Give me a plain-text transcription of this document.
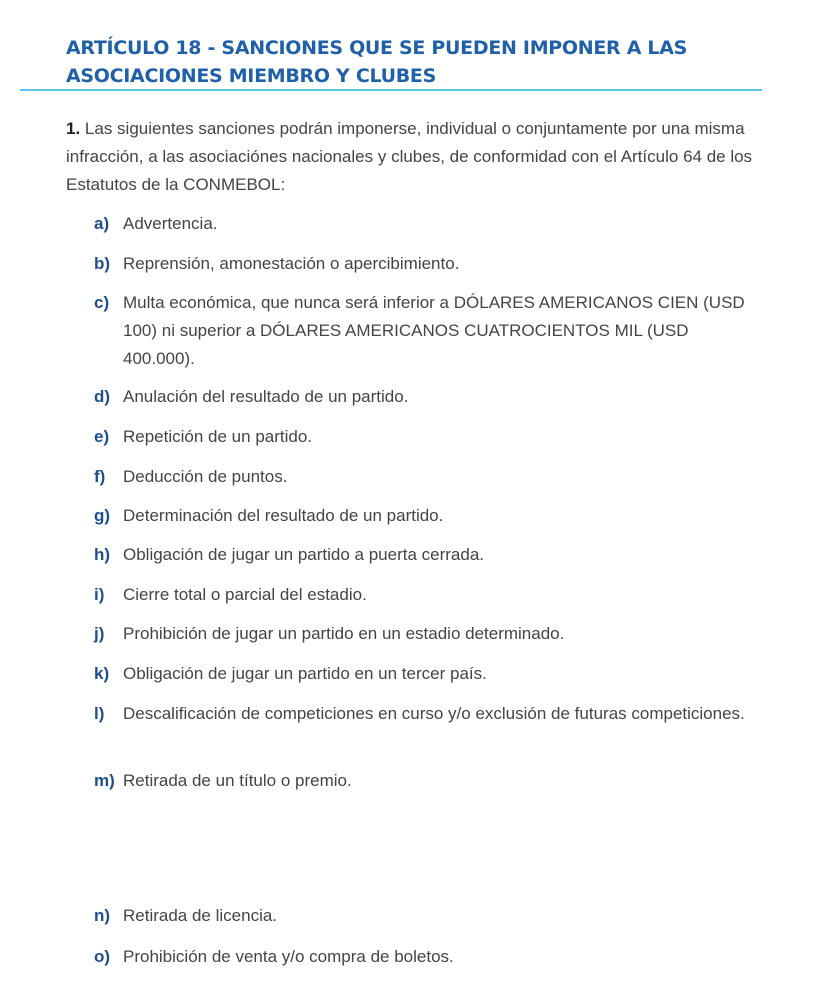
ARTÍCULO 18 - SANCIONES QUE SE PUEDEN IMPONER A LAS ASOCIACIONES MIEMBRO Y CLUBES

1. Las siguientes sanciones podrán imponerse, individual o conjuntamente por una misma infracción, a las asociaciónes nacionales y clubes, de conformidad con el Artículo 64 de los Estatutos de la CONMEBOL:

a) Advertencia.
b) Reprensión, amonestación o apercibimiento.
c) Multa económica, que nunca será inferior a DÓLARES AMERICANOS CIEN (USD 100) ni superior a DÓLARES AMERICANOS CUATROCIENTOS MIL (USD 400.000).
d) Anulación del resultado de un partido.
e) Repetición de un partido.
f) Deducción de puntos.
g) Determinación del resultado de un partido.
h) Obligación de jugar un partido a puerta cerrada.
i) Cierre total o parcial del estadio.
j) Prohibición de jugar un partido en un estadio determinado.
k) Obligación de jugar un partido en un tercer país.
l) Descalificación de competiciones en curso y/o exclusión de futuras competiciones.
m) Retirada de un título o premio.
n) Retirada de licencia.
o) Prohibición de venta y/o compra de boletos.
